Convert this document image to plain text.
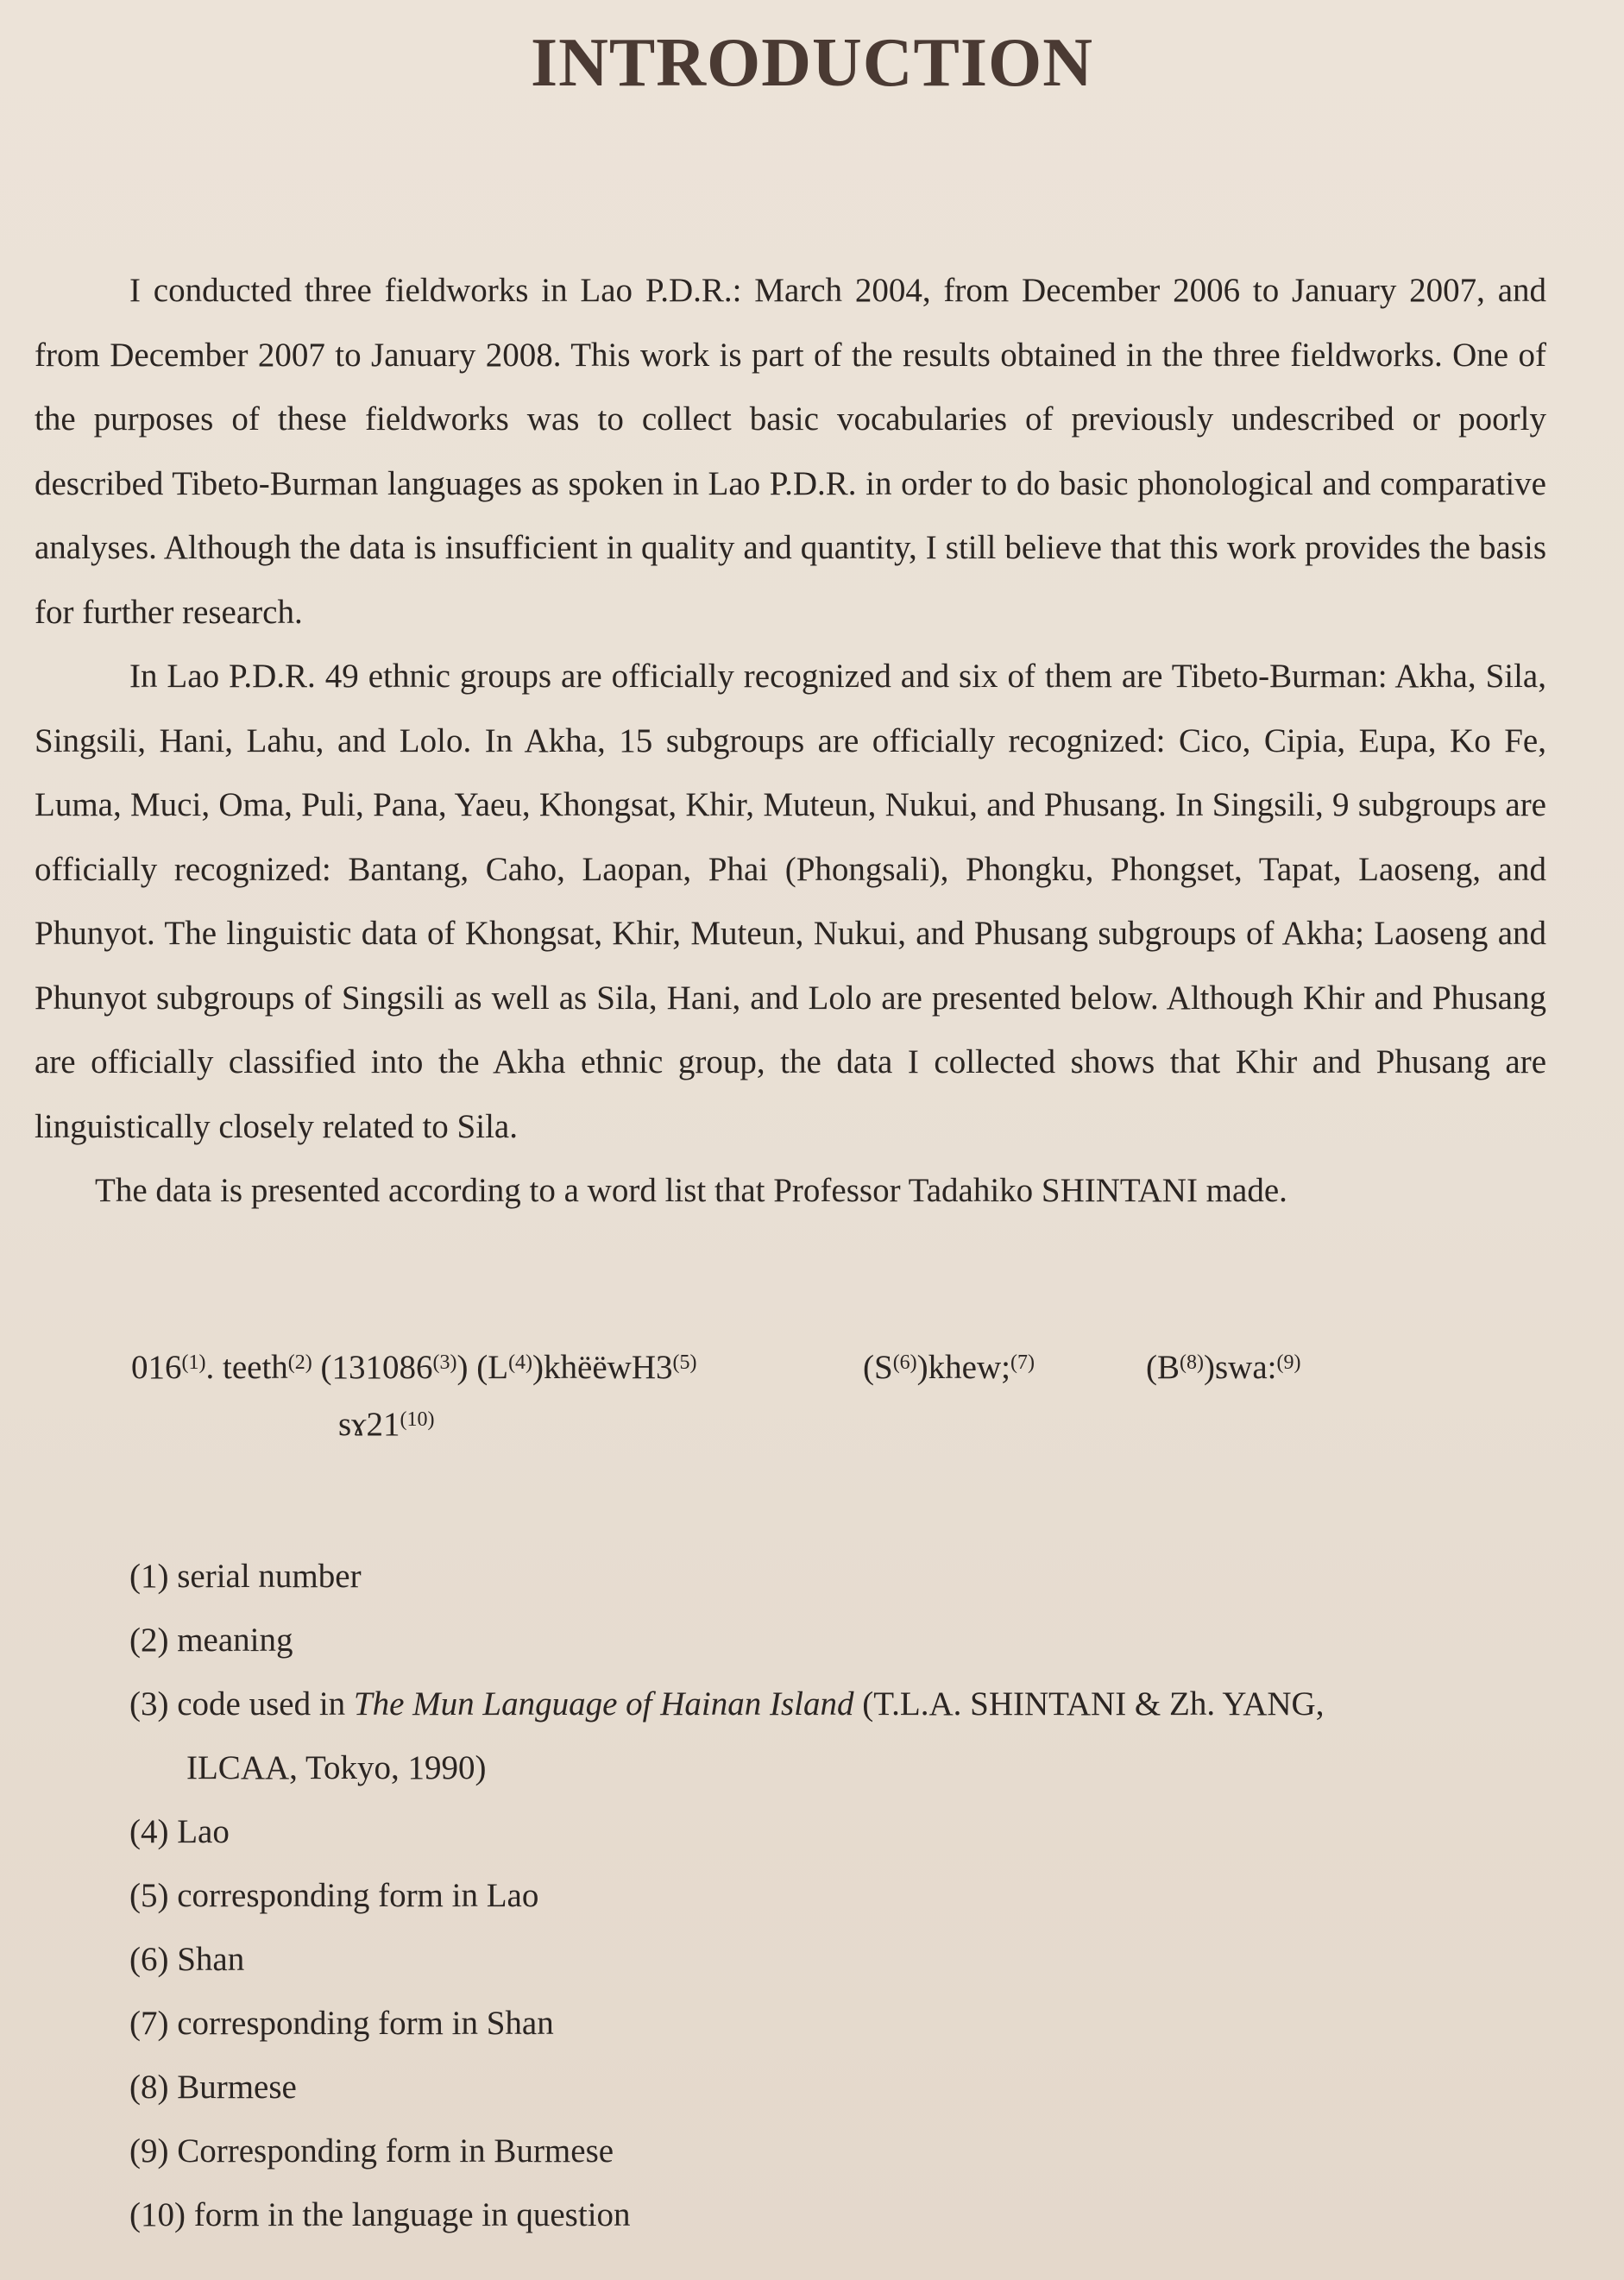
INTRODUCTION

I conducted three fieldworks in Lao P.D.R.: March 2004, from December 2006 to January 2007, and from December 2007 to January 2008. This work is part of the results obtained in the three fieldworks. One of the purposes of these fieldworks was to collect basic vocabularies of previously undescribed or poorly described Tibeto-Burman languages as spoken in Lao P.D.R. in order to do basic phonological and comparative analyses. Although the data is insufficient in quality and quantity, I still believe that this work provides the basis for further research.

In Lao P.D.R. 49 ethnic groups are officially recognized and six of them are Tibeto-Burman: Akha, Sila, Singsili, Hani, Lahu, and Lolo. In Akha, 15 subgroups are officially recognized: Cico, Cipia, Eupa, Ko Fe, Luma, Muci, Oma, Puli, Pana, Yaeu, Khongsat, Khir, Muteun, Nukui, and Phusang. In Singsili, 9 subgroups are officially recognized: Bantang, Caho, Laopan, Phai (Phongsali), Phongku, Phongset, Tapat, Laoseng, and Phunyot. The linguistic data of Khongsat, Khir, Muteun, Nukui, and Phusang subgroups of Akha; Laoseng and Phunyot subgroups of Singsili as well as Sila, Hani, and Lolo are presented below. Although Khir and Phusang are officially classified into the Akha ethnic group, the data I collected shows that Khir and Phusang are linguistically closely related to Sila.

The data is presented according to a word list that Professor Tadahiko SHINTANI made.

016$^{(1)}$. teeth$^{(2)}$ (131086$^{(3)}$) $(L^{(4)})khëëwH3^{(5)}$	$(S^{(6)})khew;^{(7)}$	$(B^{(8)})swa:^{(9)}$
sɤ21$^{(10)}$
(1) serial number
(2) meaning
(3) code used in The Mun Language of Hainan Island (T.L.A. SHINTANI & Zh. YANG,
ILCAA, Tokyo, 1990)
(4) Lao
(5) corresponding form in Lao
(6) Shan
(7) corresponding form in Shan
(8) Burmese
(9) Corresponding form in Burmese
(10) form in the language in question
